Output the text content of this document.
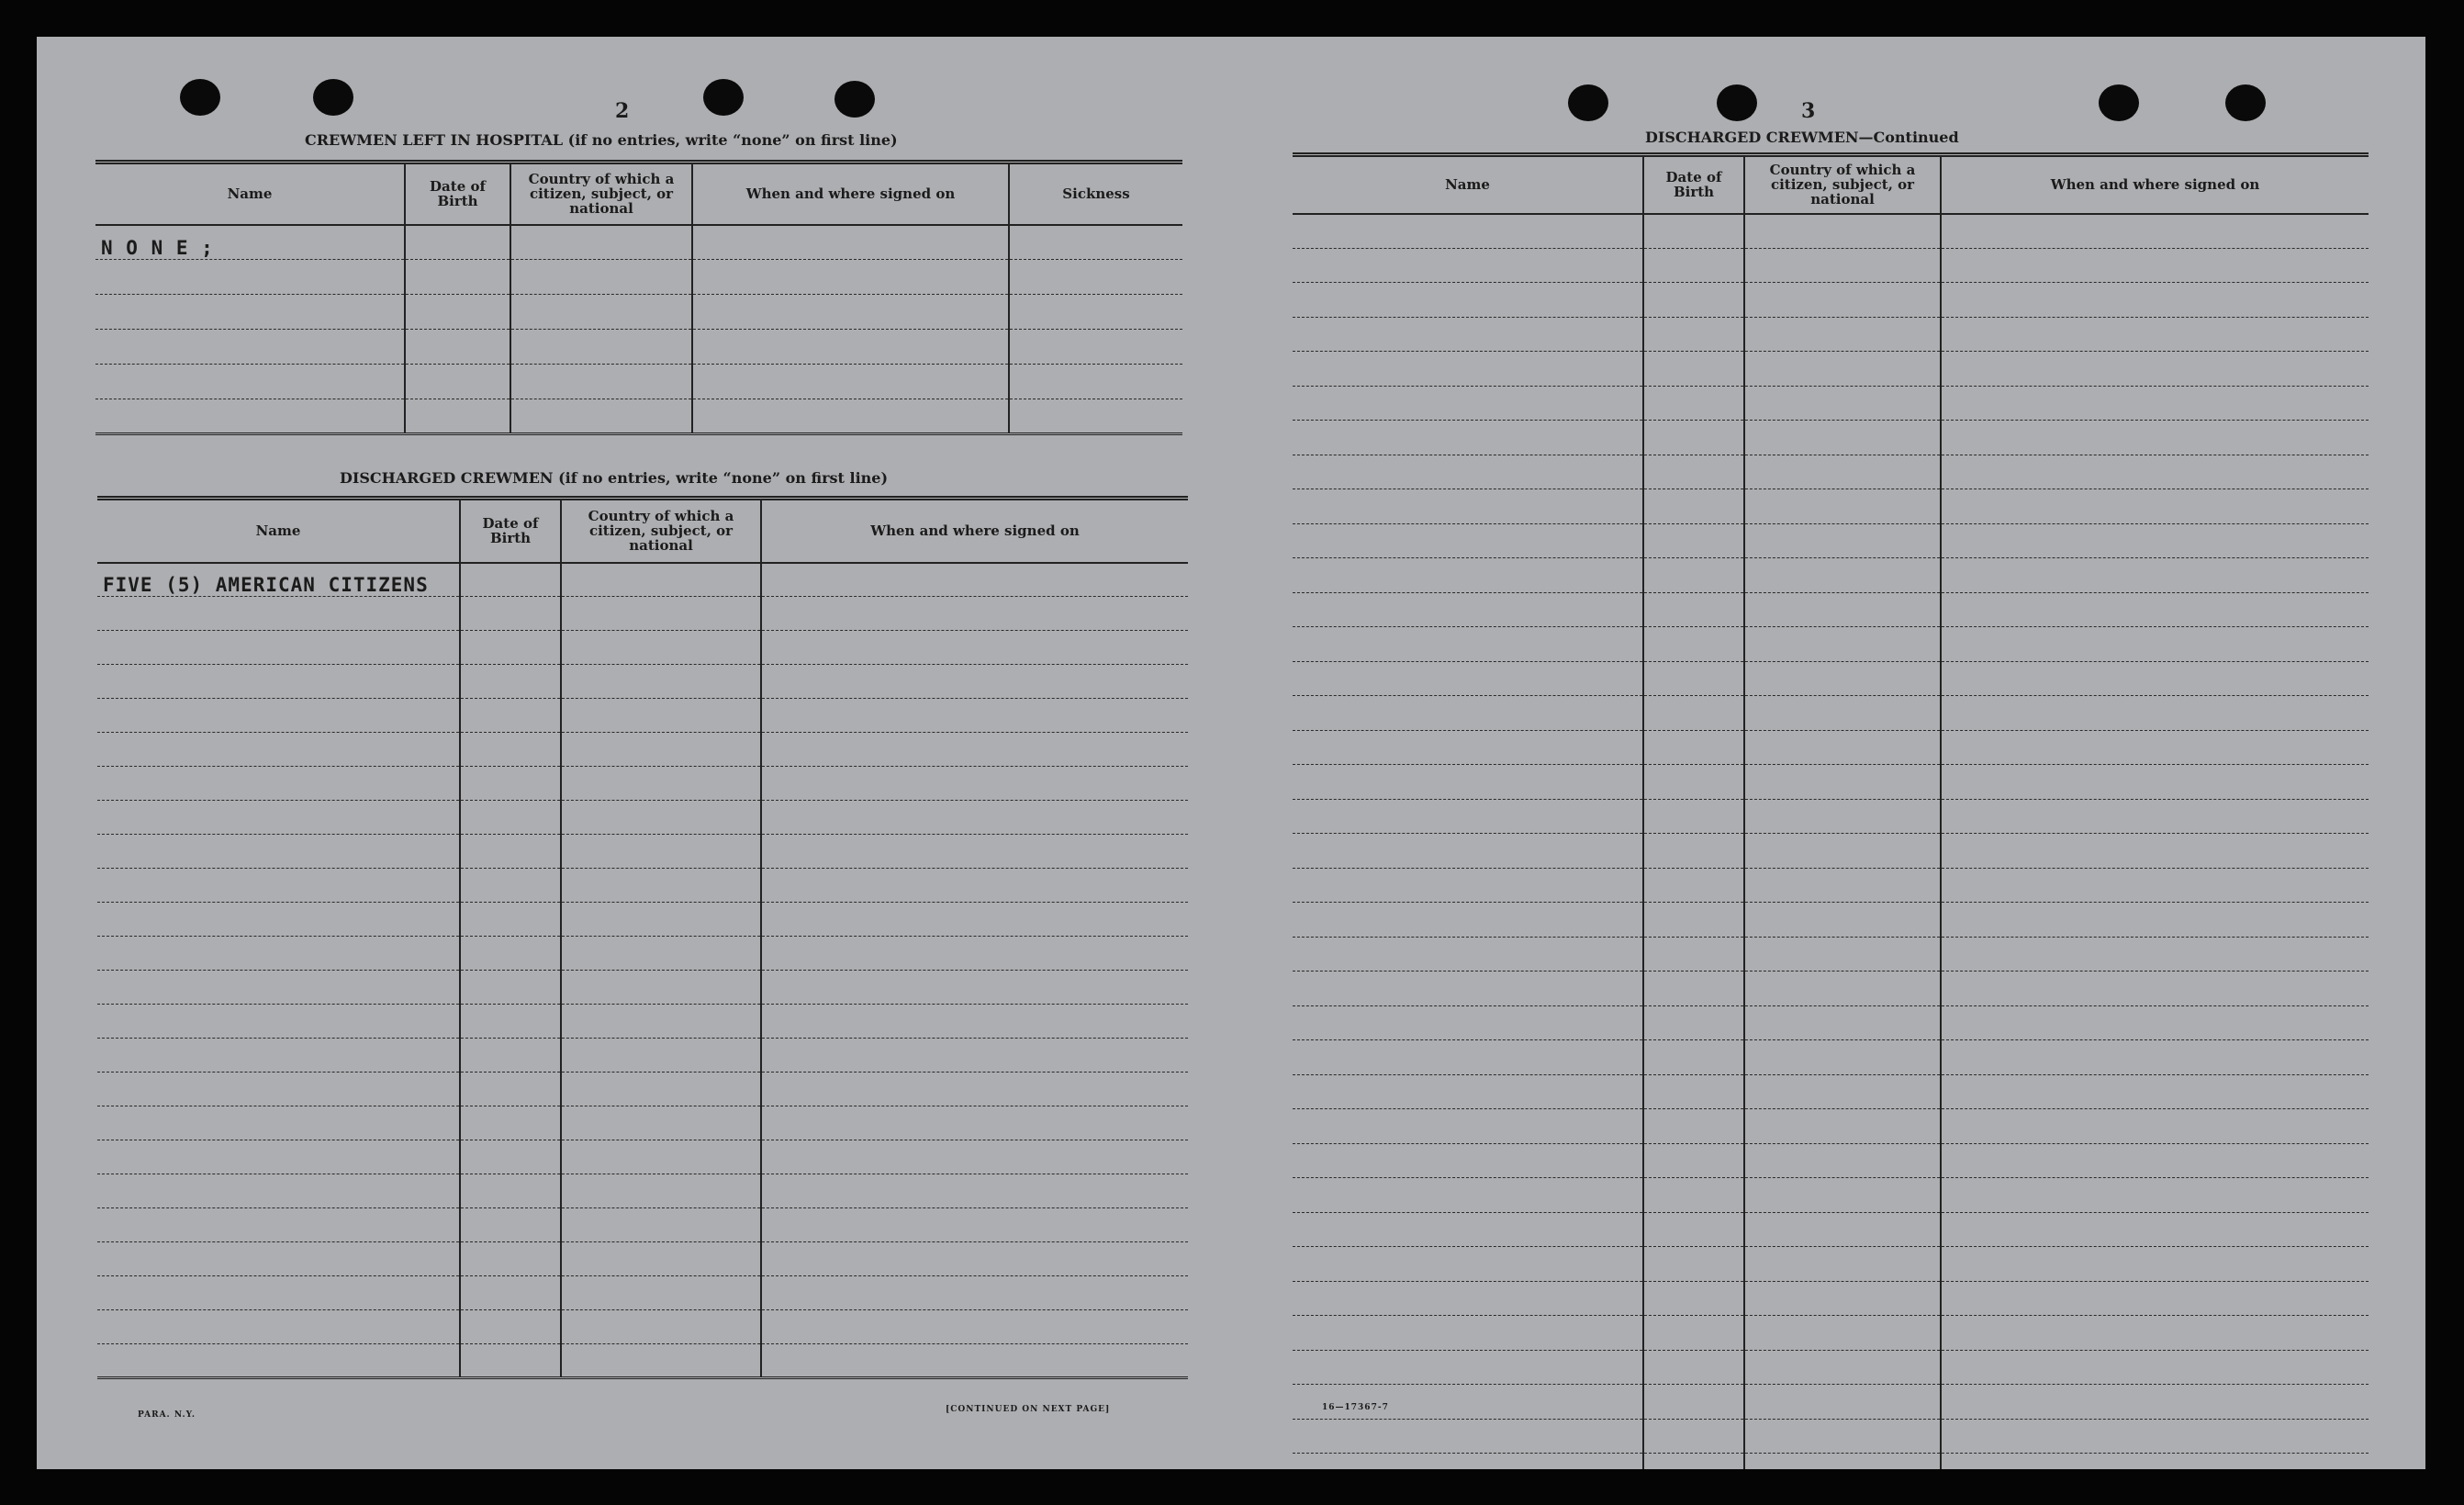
2
CREWMEN LEFT IN HOSPITAL (if no entries, write “none” on first line)
Name	Date of Birth	Country of which a citizen, subject, or national	When and where signed on	Sickness
N O N E ;				

DISCHARGED CREWMEN (if no entries, write “none” on first line)
Name	Date of Birth	Country of which a citizen, subject, or national	When and where signed on
FIVE (5) AMERICAN CITIZENS			

PARA. N.Y.
[CONTINUED ON NEXT PAGE]
3
DISCHARGED CREWMEN—Continued
Name	Date of Birth	Country of which a citizen, subject, or national	When and where signed on

16—17367-7
